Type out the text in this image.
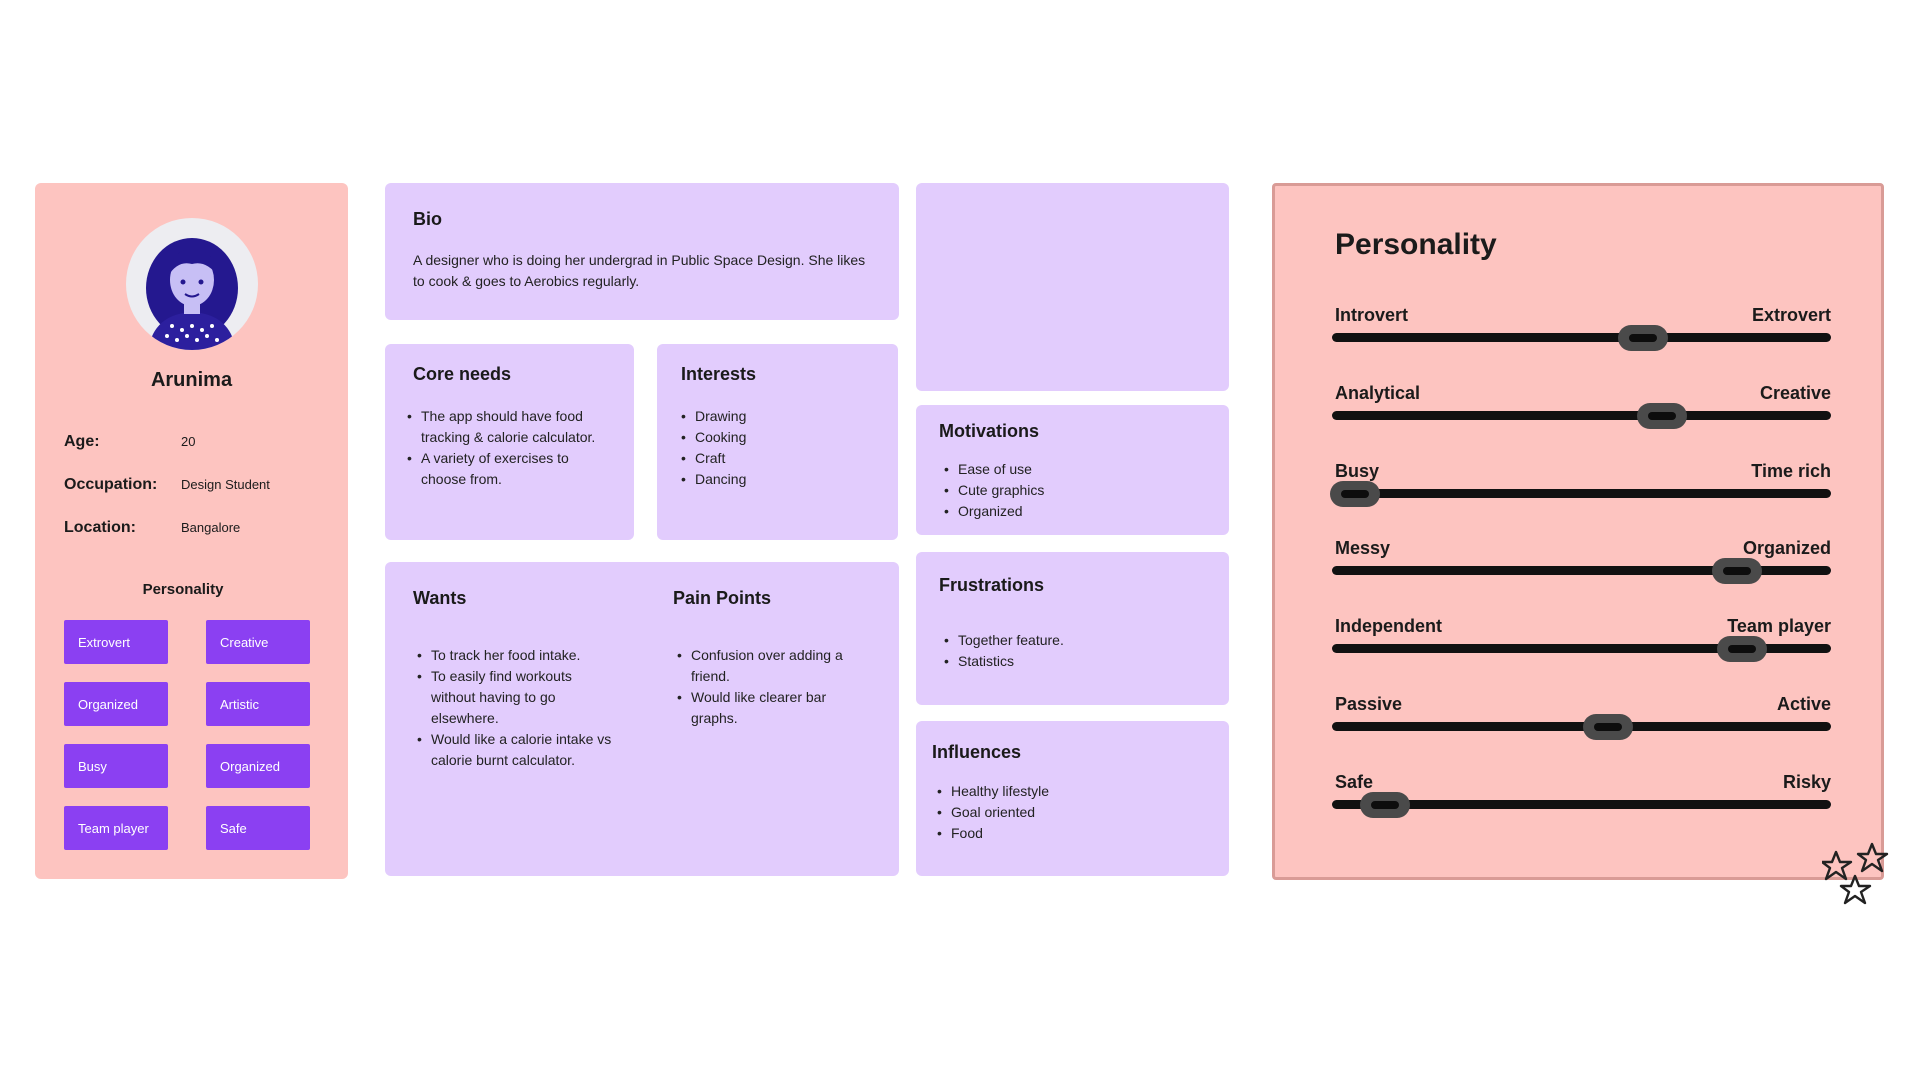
Arunima
Age:	20
Occupation: Design Student
Location:	Bangalore
Personality
Extrovert	Creative
Organized	Artistic
Busy	Organized
Team player	Safe
Bio
A designer who is doing her undergrad in Public Space Design. She likes to cook & goes to Aerobics regularly.
Core needs
• The app should have food tracking & calorie calculator.
• A variety of exercises to choose from.
Interests
• Drawing
• Cooking
• Craft
• Dancing
Wants
• To track her food intake.
• To easily find workouts without having to go elsewhere.
• Would like a calorie intake vs calorie burnt calculator.
Pain Points
• Confusion over adding a friend.
• Would like clearer bar graphs.
Motivations
• Ease of use
• Cute graphics
• Organized
Frustrations
• Together feature.
• Statistics
Influences
• Healthy lifestyle
• Goal oriented
• Food
Personality
Introvert	Extrovert
Analytical	Creative
Busy	Time rich
Messy	Organized
Independent	Team player
Passive	Active
Safe	Risky
